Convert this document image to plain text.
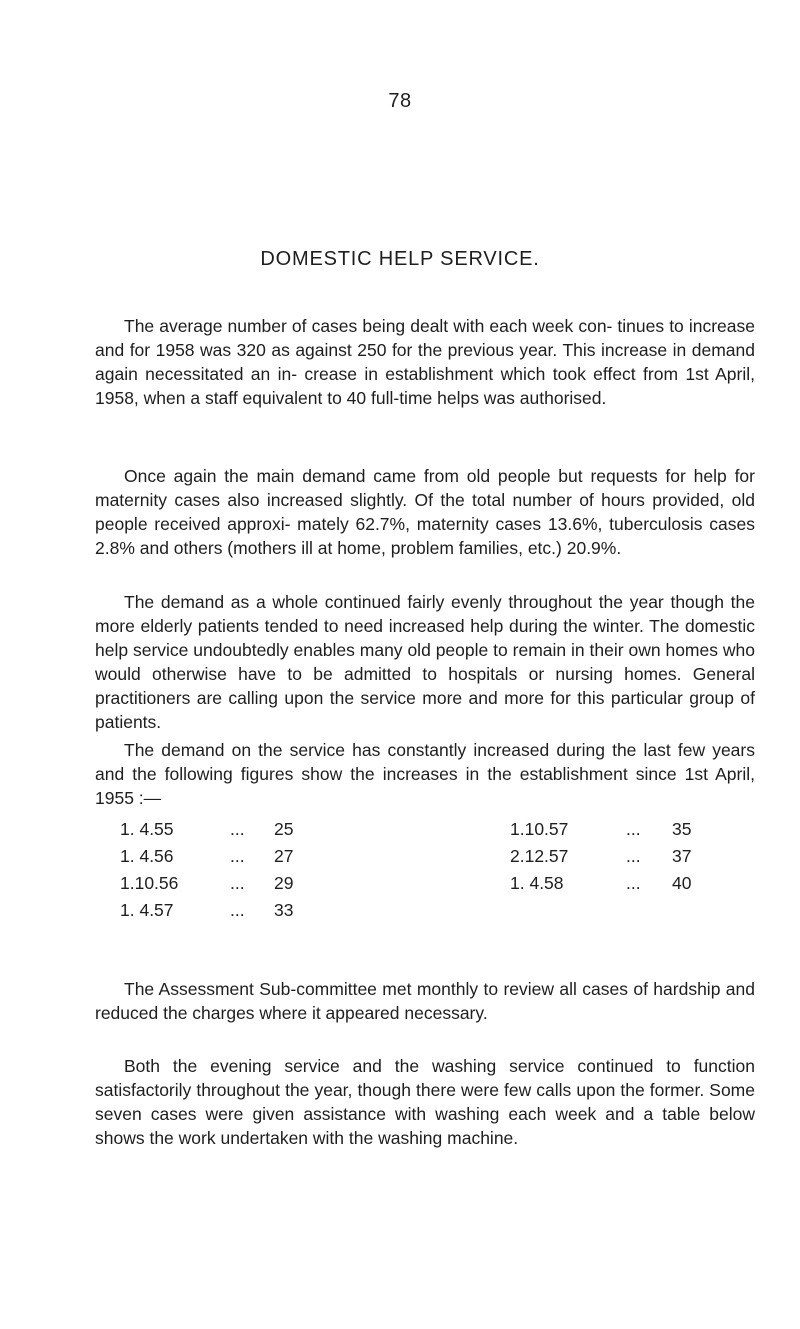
78
DOMESTIC HELP SERVICE.

The average number of cases being dealt with each week con- tinues to increase and for 1958 was 320 as against 250 for the previous year. This increase in demand again necessitated an in- crease in establishment which took effect from 1st April, 1958, when a staff equivalent to 40 full-time helps was authorised.

Once again the main demand came from old people but requests for help for maternity cases also increased slightly. Of the total number of hours provided, old people received approxi- mately 62.7%, maternity cases 13.6%, tuberculosis cases 2.8% and others (mothers ill at home, problem families, etc.) 20.9%.

The demand as a whole continued fairly evenly throughout the year though the more elderly patients tended to need increased help during the winter. The domestic help service undoubtedly enables many old people to remain in their own homes who would otherwise have to be admitted to hospitals or nursing homes. General practitioners are calling upon the service more and more for this particular group of patients.

The demand on the service has constantly increased during the last few years and the following figures show the increases in the establishment since 1st April, 1955 :—

1. 4.55	... 25	1.10.57	... 35
1. 4.56	... 27	2.12.57	... 37
1.10.56	... 29	1. 4.58	... 40
1. 4.57	... 33

The Assessment Sub-committee met monthly to review all cases of hardship and reduced the charges where it appeared necessary.

Both the evening service and the washing service continued to function satisfactorily throughout the year, though there were few calls upon the former. Some seven cases were given assistance with washing each week and a table below shows the work undertaken with the washing machine.
